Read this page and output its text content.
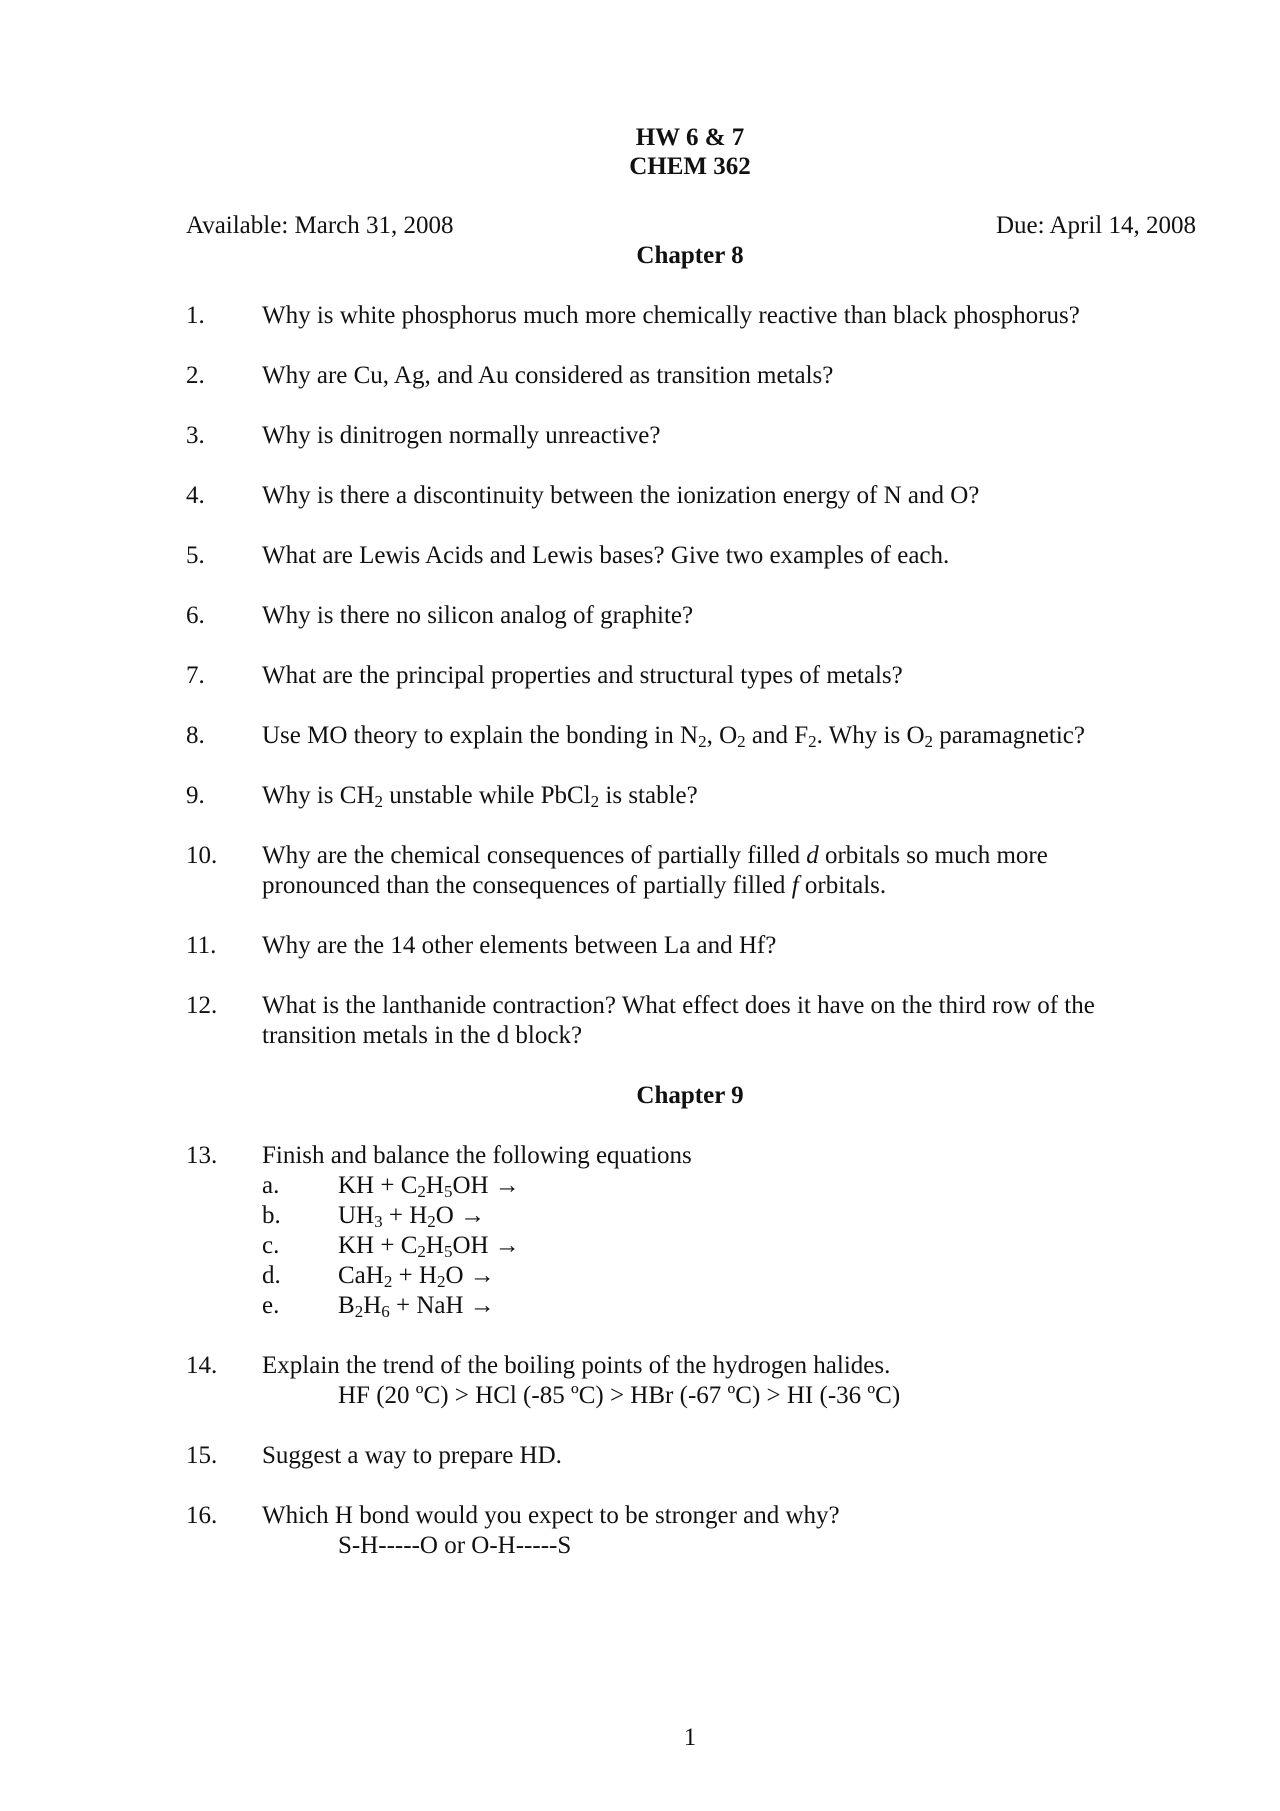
HW 6 & 7
CHEM 362
Available: March 31, 2008	Due: April 14, 2008
Chapter 8
1. Why is white phosphorus much more chemically reactive than black phosphorus?
2. Why are Cu, Ag, and Au considered as transition metals?
3. Why is dinitrogen normally unreactive?
4. Why is there a discontinuity between the ionization energy of N and O?
5. What are Lewis Acids and Lewis bases? Give two examples of each.
6. Why is there no silicon analog of graphite?
7. What are the principal properties and structural types of metals?
8. Use MO theory to explain the bonding in $N_2$, $O_2$ and $F_2$. Why is $O_2$ paramagnetic?
9. Why is $CH_2$ unstable while PbCl$_2$ is stable?
10. Why are the chemical consequences of partially filled d orbitals so much more
pronounced than the consequences of partially filled f orbitals.
11. Why are the 14 other elements between La and Hf?
12. What is the lanthanide contraction? What effect does it have on the third row of the
transition metals in the d block?
Chapter 9
13. Finish and balance the following equations
a. KH + $C_2H_5OH$ →
b. $UH_3 + H_2O$ →
c. KH + $C_2H_5OH$ →
d. $CaH_2 + H_2O$ →
e. $B_2H_6$ + NaH →
14. Explain the trend of the boiling points of the hydrogen halides.
HF (20 ºC) > HCl (-85 ºC) > HBr (-67 ºC) > HI (-36 ºC)
15. Suggest a way to prepare HD.
16. Which H bond would you expect to be stronger and why?
S-H-----O or O-H-----S
1
